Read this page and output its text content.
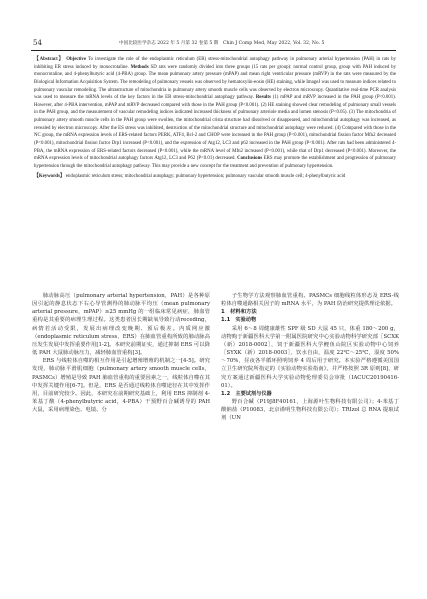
54	中国比较医学杂志 2022 年 5 月第 32 卷第 5 期　Chin J Comp Med, May 2022, Vol. 32, No. 5

【Abstract】 Objective To investigate the role of the endoplasmic reticulum (ER) stress-mitochondrial autophagy pathway in pulmonary arterial hypertension (PAH) in rats by inhibiting ER stress induced by monocrotaline. Methods SD rats were randomly divided into three groups (15 rats per group): normal control group, group with PAH induced by monocrotaline, and 4-phenylbutyric acid (4-PBA) group. The mean pulmonary artery pressure (mPAP) and mean right ventricular pressure (mRVP) in the rats were measured by the Biological Information Acquisition System. The remodeling of pulmonary vessels was observed by hematoxylin-eosin (HE) staining, while ImageJ was used to measure indices related to pulmonary vascular remodeling. The ultrastructure of mitochondria in pulmonary artery smooth muscle cells was observed by electron microscopy. Quantitative real-time PCR analysis was used to measure the mRNA levels of the key factors in the ER stress-mitochondrial autophagy pathway. Results (1) mPAP and mRVP increased in the PAH group (P<0.001). However, after 4-PBA intervention, mPAP and mRVP decreased compared with those in the PAH group (P<0.001). (2) HE staining showed clear remodeling of pulmonary small vessels in the PAH group, and the measurement of vascular remodeling indices indicated increased thickness of pulmonary arteriole media and lumen stenosis (P<0.05). (3) The mitochondria of pulmonary artery smooth muscle cells in the PAH group were swollen, the mitochondrial crista structure had dissolved or disappeared, and mitochondrial autophagy was increased, as revealed by electron microscopy. After the ES stress was inhibited, destruction of the mitochondrial structure and mitochondrial autophagy were reduced. (4) Compared with those in the NC group, the mRNA expression levels of ERS-related factors PERK, ATF4, Bcl-2 and CHOP were increased in the PAH group (P<0.001), mitochondrial fission factor Mfn2 decreased (P<0.001), mitochondrial fission factor Drp1 increased (P<0.001), and the expression of Atg12, LC3 and p62 increased in the PAH group (P<0.001). After rats had been administered 4-PBA, the mRNA expression of ERS-related factors decreased (P<0.001), while the mRNA level of Mfn2 increased (P<0.001), while that of Drp1 decreased (P<0.001). Moreover, the mRNA expression levels of mitochondrial autophagy factors Atg12, LC3 and P62 (P<0.01) decreased. Conclusions ERS may promote the establishment and progression of pulmonary hypertension through the mitochondrial autophagy pathway. This may provide a new concept for the treatment and prevention of pulmonary hypertension.

【Keywords】 endoplasmic reticulum stress; mitochondrial autophagy; pulmonary hypertension; pulmonary vascular smooth muscle cell; 4-phenylbutyric acid

肺动脉高压（pulmonary arterial hypertension，PAH）是各种原因引起的静息状态下右心导管测得的肺动脉平均压（mean pulmonary arterial pressure，mPAP）≥25 mmHg 的一组临床常见病症，肺血管重构是其重要的病理生理过程。这类患者因长期缺氧导致行动receding，病情若活动受限，发展出病理改变晚期、预后极差。内质网应激（endoplasmic reticulum stress，ERS）在肺血管重构所致的肺动脉高压发生发展中发挥重要作用[1-2]。本研究前期证实，通过抑制 ERS 可以降低 PAH 大鼠肺动脉压力，减轻肺血管重构[3]。

ERS 与线粒体自噬的相互作用是引起增殖增殖的机制之一[4-5]。研究发现，肺动脉平滑肌细胞（pulmonary artery smooth muscle cells，PASMCs）增殖是导致 PAH 肺血管重构的重要因素之一，线粒体自噬在其中发挥关键作用[6-7]。但是，ERS 是否通过线粒体自噬途径在其中发挥作用，目前研究较少。因此，本研究在前期研究基础上，利用 ERS 抑制剂 4-苯基丁酸（4-phenylbutyric acid，4-PBA）干预野百合碱诱导的 PAH 大鼠，采用病理染色、电镜、分

子生物学方法观察肺血管重构、PASMCs 细胞线粒体形态及 ERS-线粒体自噬通路相关因子的 mRNA 水平，为 PAH 防治研究提供理论依据。

1　材料和方法

1.1　实验动物

采用 6～8 周健康雄性 SPF 级 SD 大鼠 45 只，体重 180～200 g，动物购于新疆医科大学第一附属医院研究中心实验动物科学研究部［SCXK（新）2018-0002］，饲于新疆医科大学鲤鱼山院区实验动物中心饲养［SYXK（新）2018-0003］，饮水自由，温度 22℃～25℃，湿度 50%～70%，昼夜各半循环照明饲养 4 周后用于研究。本实验严格遵循美国国立卫生研究院所指定的《实验动物实验指南》，并严格按照 3R 原则[8]，研究方案通过新疆医科大学实验动物伦理委员会审批（IACUC20190416-01）。

1.2　主要试剂与仪器

野百合碱（P19J8F40161，上海源叶生物科技有限公司）；4-苯基丁酸钠盐（P10083，北京谨明生物科技有限公司）；TRIzol 总 RNA 提取试剂（UN
